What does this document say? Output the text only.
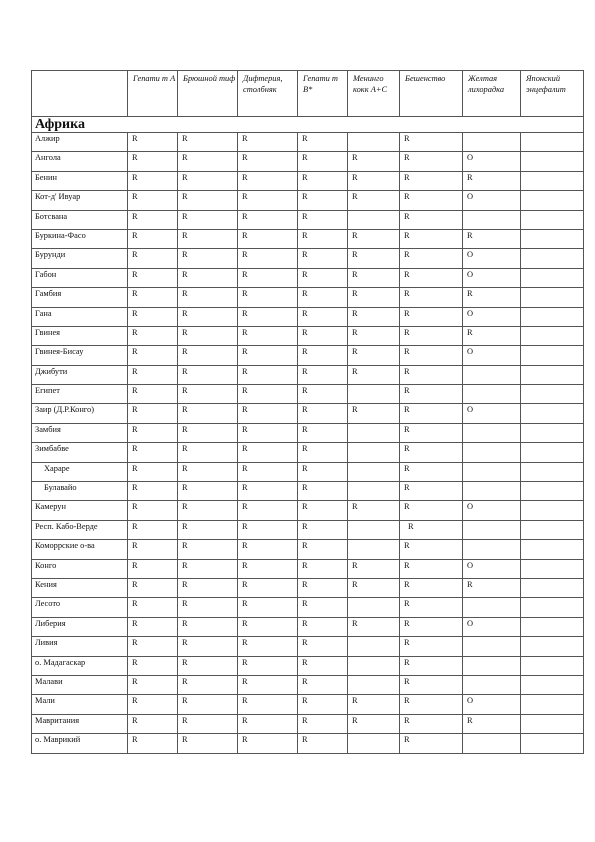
	Гепати т А	Брюшной тиф	Дифтерия, столбняк	Гепати т В*	Менинго кокк А+С	Бешенство	Желтая лихорадка	Японский энцефалит
Африка								
Алжир	R	R	R	R		R		
Ангола	R	R	R	R	R	R	O	
Бенин	R	R	R	R	R	R	R	
Кот-д' Ивуар	R	R	R	R	R	R	O	
Ботсвана	R	R	R	R		R		
Буркина-Фасо	R	R	R	R	R	R	R	
Бурунди	R	R	R	R	R	R	O	
Габон	R	R	R	R	R	R	O	
Гамбия	R	R	R	R	R	R	R	
Гана	R	R	R	R	R	R	O	
Гвинея	R	R	R	R	R	R	R	
Гвинея-Бисау	R	R	R	R	R	R	O	
Джибути	R	R	R	R	R	R		
Египет	R	R	R	R		R		
Заир (Д.Р.Конго)	R	R	R	R	R	R	O	
Замбия	R	R	R	R		R		
Зимбабве	R	R	R	R		R		
Хараре	R	R	R	R		R		
Булавайо	R	R	R	R		R		
Камерун	R	R	R	R	R	R	O	
Респ. Кабо-Верде	R	R	R	R		R		
Коморрские о-ва	R	R	R	R		R		
Конго	R	R	R	R	R	R	O	
Кения	R	R	R	R	R	R	R	
Лесото	R	R	R	R		R		
Либерия	R	R	R	R	R	R	O	
Ливия	R	R	R	R		R		
о. Мадагаскар	R	R	R	R		R		
Малави	R	R	R	R		R		
Мали	R	R	R	R	R	R	O	
Мавритания	R	R	R	R	R	R	R	
о. Маврикий	R	R	R	R		R		
